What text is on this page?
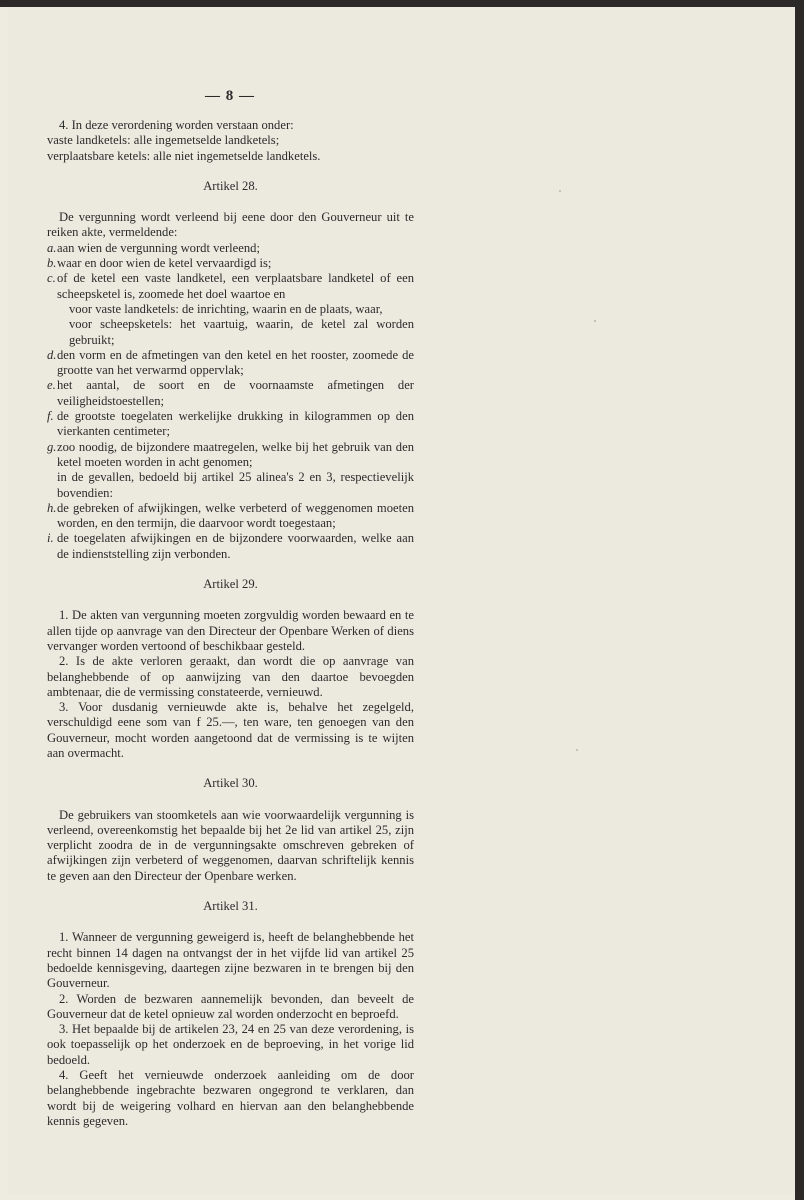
— 8 —

4. In deze verordening worden verstaan onder:

vaste landketels: alle ingemetselde landketels;

verplaatsbare ketels: alle niet ingemetselde landketels.

Artikel 28.

De vergunning wordt verleend bij eene door den Gouverneur uit te reiken akte, vermeldende:

a. aan wien de vergunning wordt verleend;
b. waar en door wien de ketel vervaardigd is;
c. of de ketel een vaste landketel, een verplaatsbare landketel of een scheepsketel is, zoomede het doel waartoe en

voor vaste landketels: de inrichting, waarin en de plaats, waar,

voor scheepsketels: het vaartuig, waarin, de ketel zal worden gebruikt;

d. den vorm en de afmetingen van den ketel en het rooster, zoomede de grootte van het verwarmd oppervlak;
e. het aantal, de soort en de voornaamste afmetingen der veiligheidstoestellen;
f. de grootste toegelaten werkelijke drukking in kilogrammen op den vierkanten centimeter;
g. zoo noodig, de bijzondere maatregelen, welke bij het gebruik van den ketel moeten worden in acht genomen;

in de gevallen, bedoeld bij artikel 25 alinea's 2 en 3, respectievelijk bovendien:

h. de gebreken of afwijkingen, welke verbeterd of weggenomen moeten worden, en den termijn, die daarvoor wordt toegestaan;
i. de toegelaten afwijkingen en de bijzondere voorwaarden, welke aan de indienststelling zijn verbonden.

Artikel 29.

1. De akten van vergunning moeten zorgvuldig worden bewaard en te allen tijde op aanvrage van den Directeur der Openbare Werken of diens vervanger worden vertoond of beschikbaar gesteld.

2. Is de akte verloren geraakt, dan wordt die op aanvrage van belanghebbende of op aanwijzing van den daartoe bevoegden ambtenaar, die de vermissing constateerde, vernieuwd.

3. Voor dusdanig vernieuwde akte is, behalve het zegelgeld, verschuldigd eene som van f 25.—, ten ware, ten genoegen van den Gouverneur, mocht worden aangetoond dat de vermissing is te wijten aan overmacht.

Artikel 30.

De gebruikers van stoomketels aan wie voorwaardelijk vergunning is verleend, overeenkomstig het bepaalde bij het 2e lid van artikel 25, zijn verplicht zoodra de in de vergunningsakte omschreven gebreken of afwijkingen zijn verbeterd of weggenomen, daarvan schriftelijk kennis te geven aan den Directeur der Openbare werken.

Artikel 31.

1. Wanneer de vergunning geweigerd is, heeft de belanghebbende het recht binnen 14 dagen na ontvangst der in het vijfde lid van artikel 25 bedoelde kennisgeving, daartegen zijne bezwaren in te brengen bij den Gouverneur.

2. Worden de bezwaren aannemelijk bevonden, dan beveelt de Gouverneur dat de ketel opnieuw zal worden onderzocht en beproefd.

3. Het bepaalde bij de artikelen 23, 24 en 25 van deze verordening, is ook toepasselijk op het onderzoek en de beproeving, in het vorige lid bedoeld.

4. Geeft het vernieuwde onderzoek aanleiding om de door belanghebbende ingebrachte bezwaren ongegrond te verklaren, dan wordt bij de weigering volhard en hiervan aan den belanghebbende kennis gegeven.
